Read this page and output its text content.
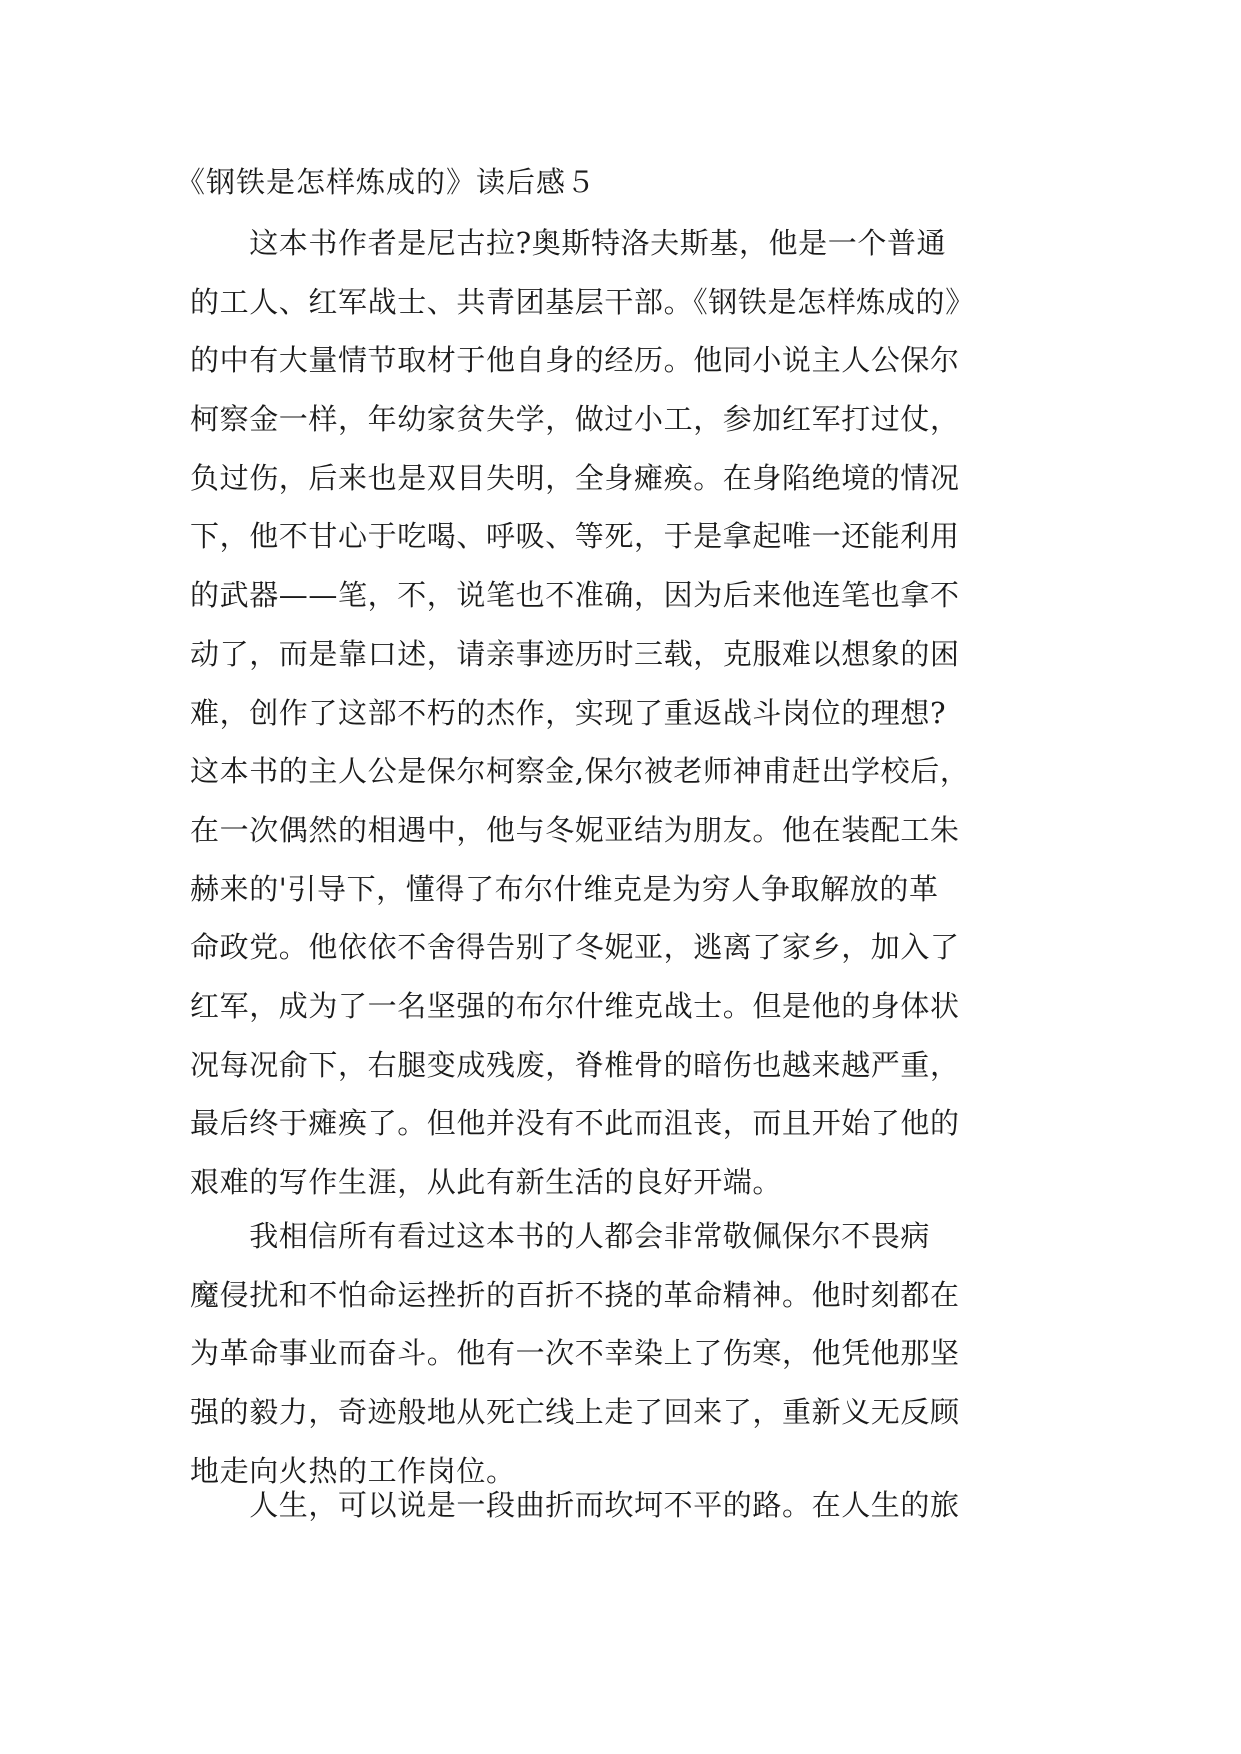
《钢铁是怎样炼成的》读后感５
　　这本书作者是尼古拉?奥斯特洛夫斯基，他是一个普通
的工人、红军战士、共青团基层干部。《钢铁是怎样炼成的》
的中有大量情节取材于他自身的经历。他同小说主人公保尔
柯察金一样，年幼家贫失学，做过小工，参加红军打过仗，
负过伤，后来也是双目失明，全身瘫痪。在身陷绝境的情况
下，他不甘心于吃喝、呼吸、等死，于是拿起唯一还能利用
的武器——笔，不，说笔也不准确，因为后来他连笔也拿不
动了，而是靠口述，请亲事迹历时三载，克服难以想象的困
难，创作了这部不朽的杰作，实现了重返战斗岗位的理想?
这本书的主人公是保尔柯察金,保尔被老师神甫赶出学校后，
在一次偶然的相遇中，他与冬妮亚结为朋友。他在装配工朱
赫来的'引导下，懂得了布尔什维克是为穷人争取解放的革
命政党。他依依不舍得告别了冬妮亚，逃离了家乡，加入了
红军，成为了一名坚强的布尔什维克战士。但是他的身体状
况每况俞下，右腿变成残废，脊椎骨的暗伤也越来越严重，
最后终于瘫痪了。但他并没有不此而沮丧，而且开始了他的
艰难的写作生涯，从此有新生活的良好开端。
　　我相信所有看过这本书的人都会非常敬佩保尔不畏病
魔侵扰和不怕命运挫折的百折不挠的革命精神。他时刻都在
为革命事业而奋斗。他有一次不幸染上了伤寒，他凭他那坚
强的毅力，奇迹般地从死亡线上走了回来了，重新义无反顾
地走向火热的工作岗位。
　　人生，可以说是一段曲折而坎坷不平的路。在人生的旅
